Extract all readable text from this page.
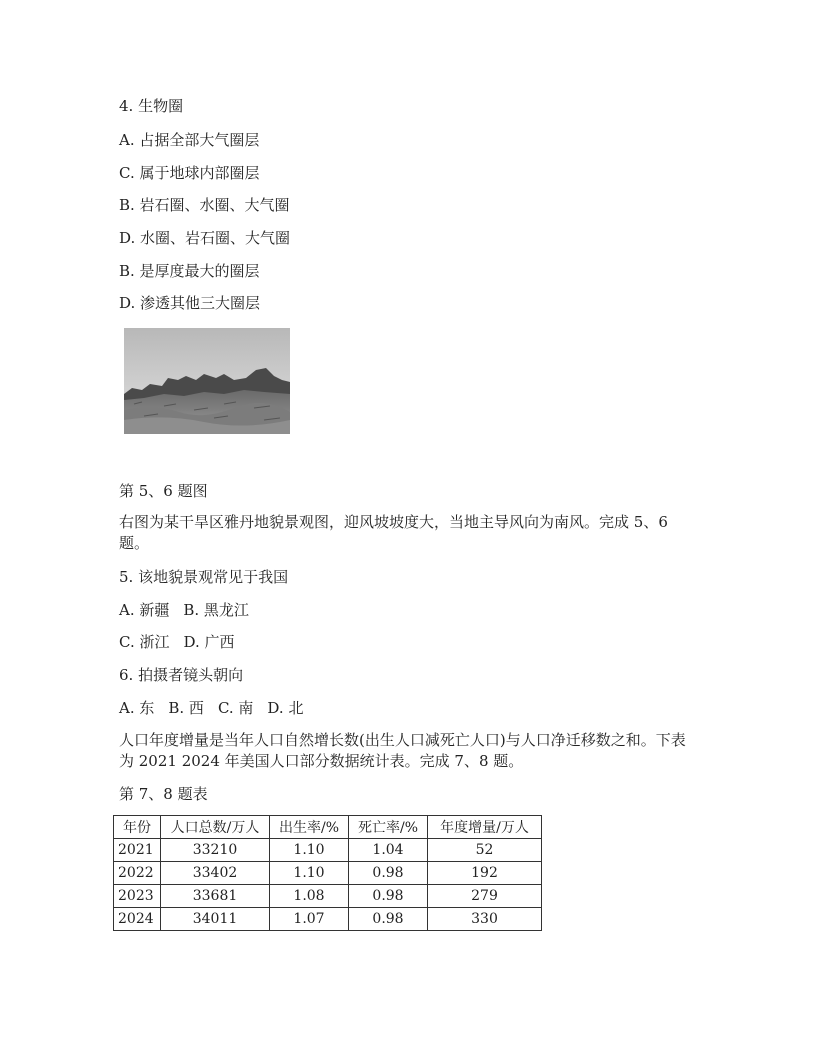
4. 生物圈
A. 占据全部大气圈层
C. 属于地球内部圈层
B. 岩石圈、水圈、大气圈
D. 水圈、岩石圈、大气圈
B. 是厚度最大的圈层
D. 渗透其他三大圈层
第 5、6 题图
右图为某干旱区雅丹地貌景观图，迎风坡坡度大，当地主导风向为南风。完成 5、6 题。
5. 该地貌景观常见于我国
A. 新疆 B. 黑龙江
C. 浙江 D. 广西
6. 拍摄者镜头朝向
A. 东 B. 西 C. 南 D. 北
人口年度增量是当年人口自然增长数(出生人口减死亡人口)与人口净迁移数之和。下表为 2021 2024 年美国人口部分数据统计表。完成 7、8 题。
第 7、8 题表
年份	人口总数/万人	出生率/%	死亡率/%	年度增量/万人
2021	33210	1.10	1.04	52
2022	33402	1.10	0.98	192
2023	33681	1.08	0.98	279
2024	34011	1.07	0.98	330
